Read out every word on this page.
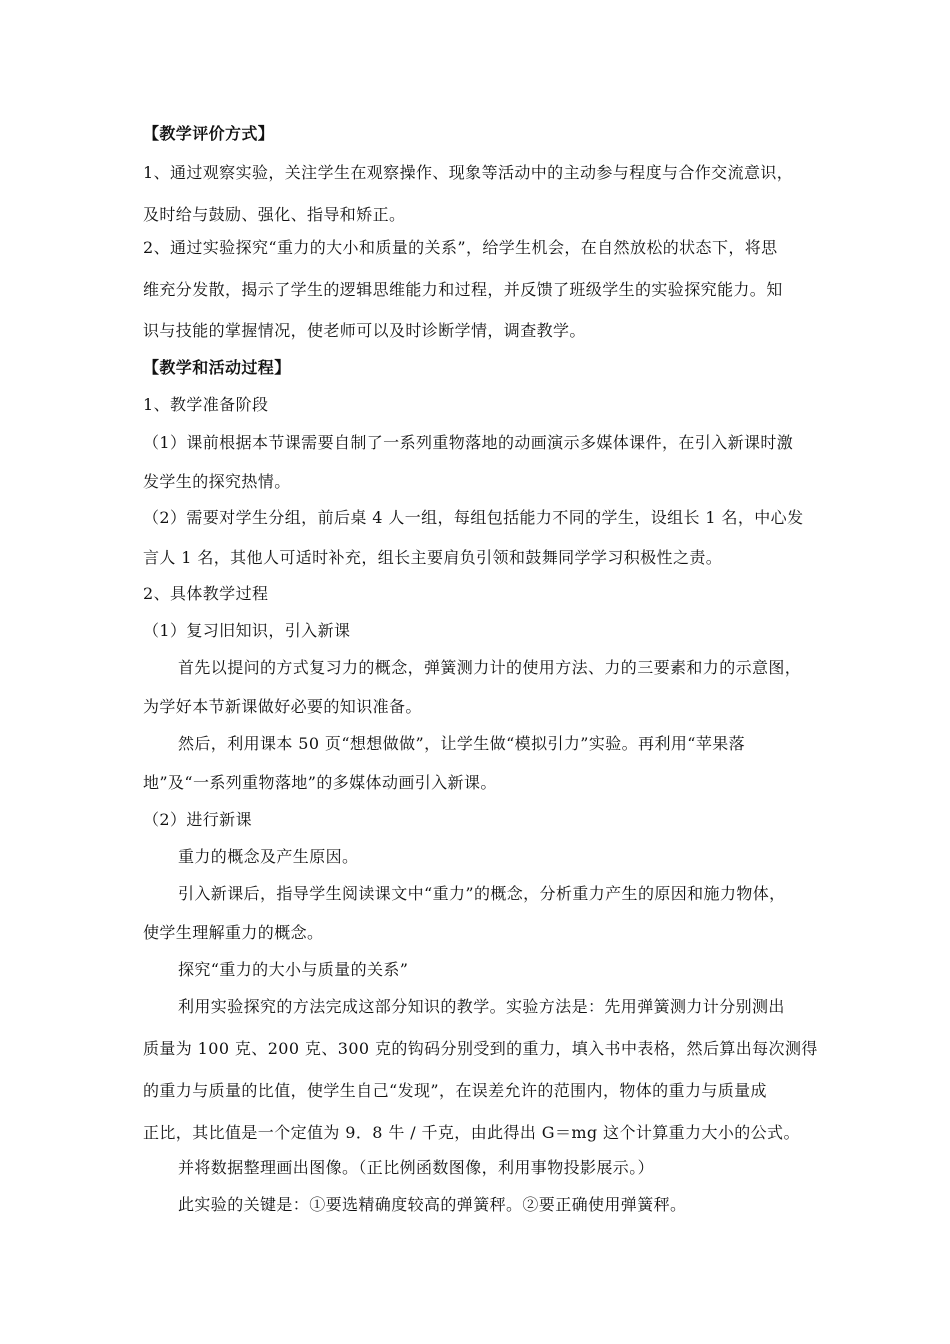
【教学评价方式】
1、通过观察实验，关注学生在观察操作、现象等活动中的主动参与程度与合作交流意识，
及时给与鼓励、强化、指导和矫正。
2、通过实验探究“重力的大小和质量的关系”，给学生机会，在自然放松的状态下，将思
维充分发散，揭示了学生的逻辑思维能力和过程，并反馈了班级学生的实验探究能力。知
识与技能的掌握情况，使老师可以及时诊断学情，调查教学。
【教学和活动过程】
1、教学准备阶段
（1）课前根据本节课需要自制了一系列重物落地的动画演示多媒体课件，在引入新课时激
发学生的探究热情。
（2）需要对学生分组，前后桌 4 人一组，每组包括能力不同的学生，设组长 1 名，中心发
言人 1 名，其他人可适时补充，组长主要肩负引领和鼓舞同学学习积极性之责。
2、具体教学过程
（1）复习旧知识，引入新课
首先以提问的方式复习力的概念，弹簧测力计的使用方法、力的三要素和力的示意图，
为学好本节新课做好必要的知识准备。
然后，利用课本 50 页“想想做做”，让学生做“模拟引力”实验。再利用“苹果落
地”及“一系列重物落地”的多媒体动画引入新课。
（2）进行新课
重力的概念及产生原因。
引入新课后，指导学生阅读课文中“重力”的概念，分析重力产生的原因和施力物体，
使学生理解重力的概念。
探究“重力的大小与质量的关系”
利用实验探究的方法完成这部分知识的教学。实验方法是：先用弹簧测力计分别测出
质量为 100 克、200 克、300 克的钩码分别受到的重力，填入书中表格，然后算出每次测得
的重力与质量的比值，使学生自己“发现”，在误差允许的范围内，物体的重力与质量成
正比，其比值是一个定值为 9．8 牛 / 千克，由此得出 G＝mg 这个计算重力大小的公式。
并将数据整理画出图像。（正比例函数图像，利用事物投影展示。）
此实验的关键是：①要选精确度较高的弹簧秤。②要正确使用弹簧秤。
